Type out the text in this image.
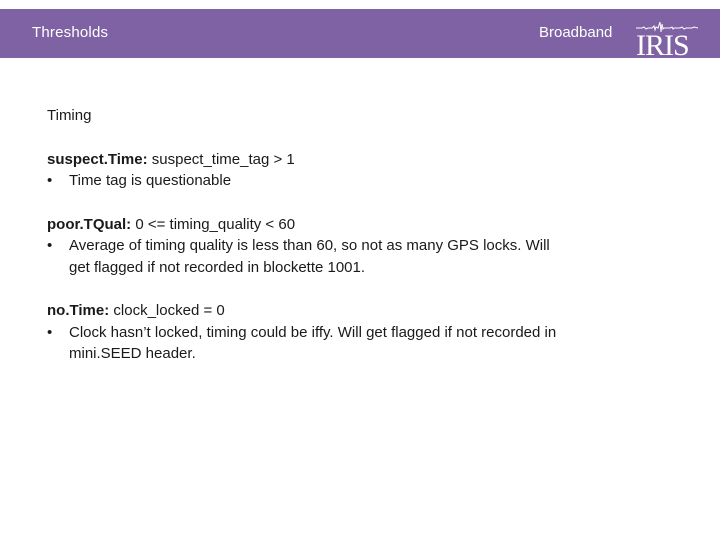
Thresholds	Broadband IRIS
Timing
suspect.Time: suspect_time_tag > 1
• Time tag is questionable
poor.TQual: 0 <= timing_quality < 60
• Average of timing quality is less than 60, so not as many GPS locks. Will get flagged if not recorded in blockette 1001.
no.Time: clock_locked = 0
• Clock hasn’t locked, timing could be iffy. Will get flagged if not recorded in mini.SEED header.
